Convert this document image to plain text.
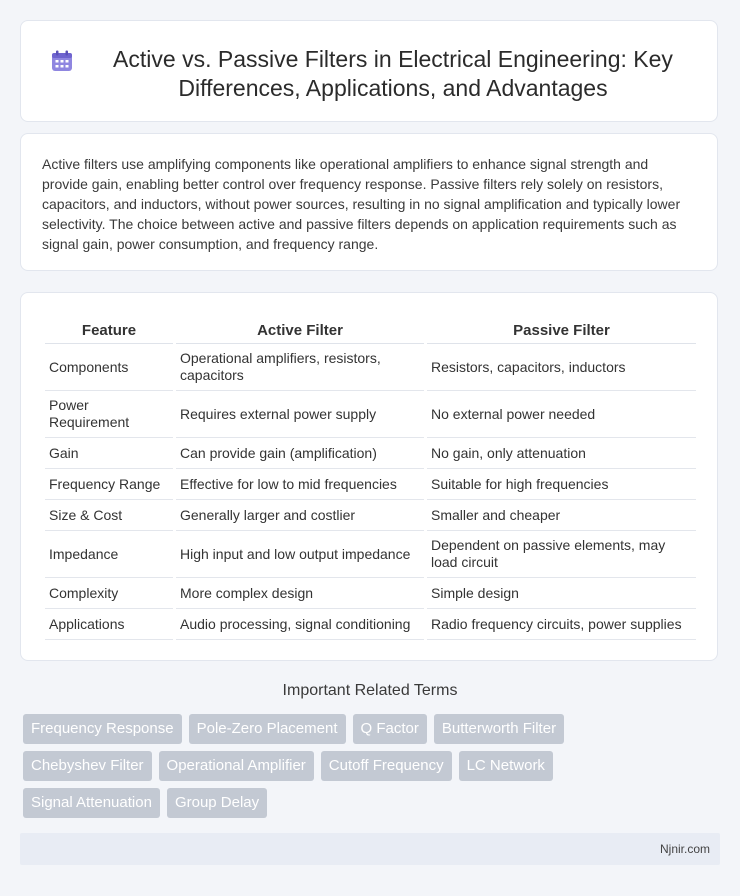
Active vs. Passive Filters in Electrical Engineering: Key Differences, Applications, and Advantages

Active filters use amplifying components like operational amplifiers to enhance signal strength and provide gain, enabling better control over frequency response. Passive filters rely solely on resistors, capacitors, and inductors, without power sources, resulting in no signal amplification and typically lower selectivity. The choice between active and passive filters depends on application requirements such as signal gain, power consumption, and frequency range.

Feature	Active Filter	Passive Filter
Components	Operational amplifiers, resistors, capacitors	Resistors, capacitors, inductors
Power Requirement	Requires external power supply	No external power needed
Gain	Can provide gain (amplification)	No gain, only attenuation
Frequency Range	Effective for low to mid frequencies	Suitable for high frequencies
Size & Cost	Generally larger and costlier	Smaller and cheaper
Impedance	High input and low output impedance	Dependent on passive elements, may load circuit
Complexity	More complex design	Simple design
Applications	Audio processing, signal conditioning	Radio frequency circuits, power supplies
Important Related Terms
Frequency Response	Pole-Zero Placement	Q Factor	Butterworth Filter
Chebyshev Filter	Operational Amplifier	Cutoff Frequency	LC Network
Signal Attenuation	Group Delay
Njnir.com
